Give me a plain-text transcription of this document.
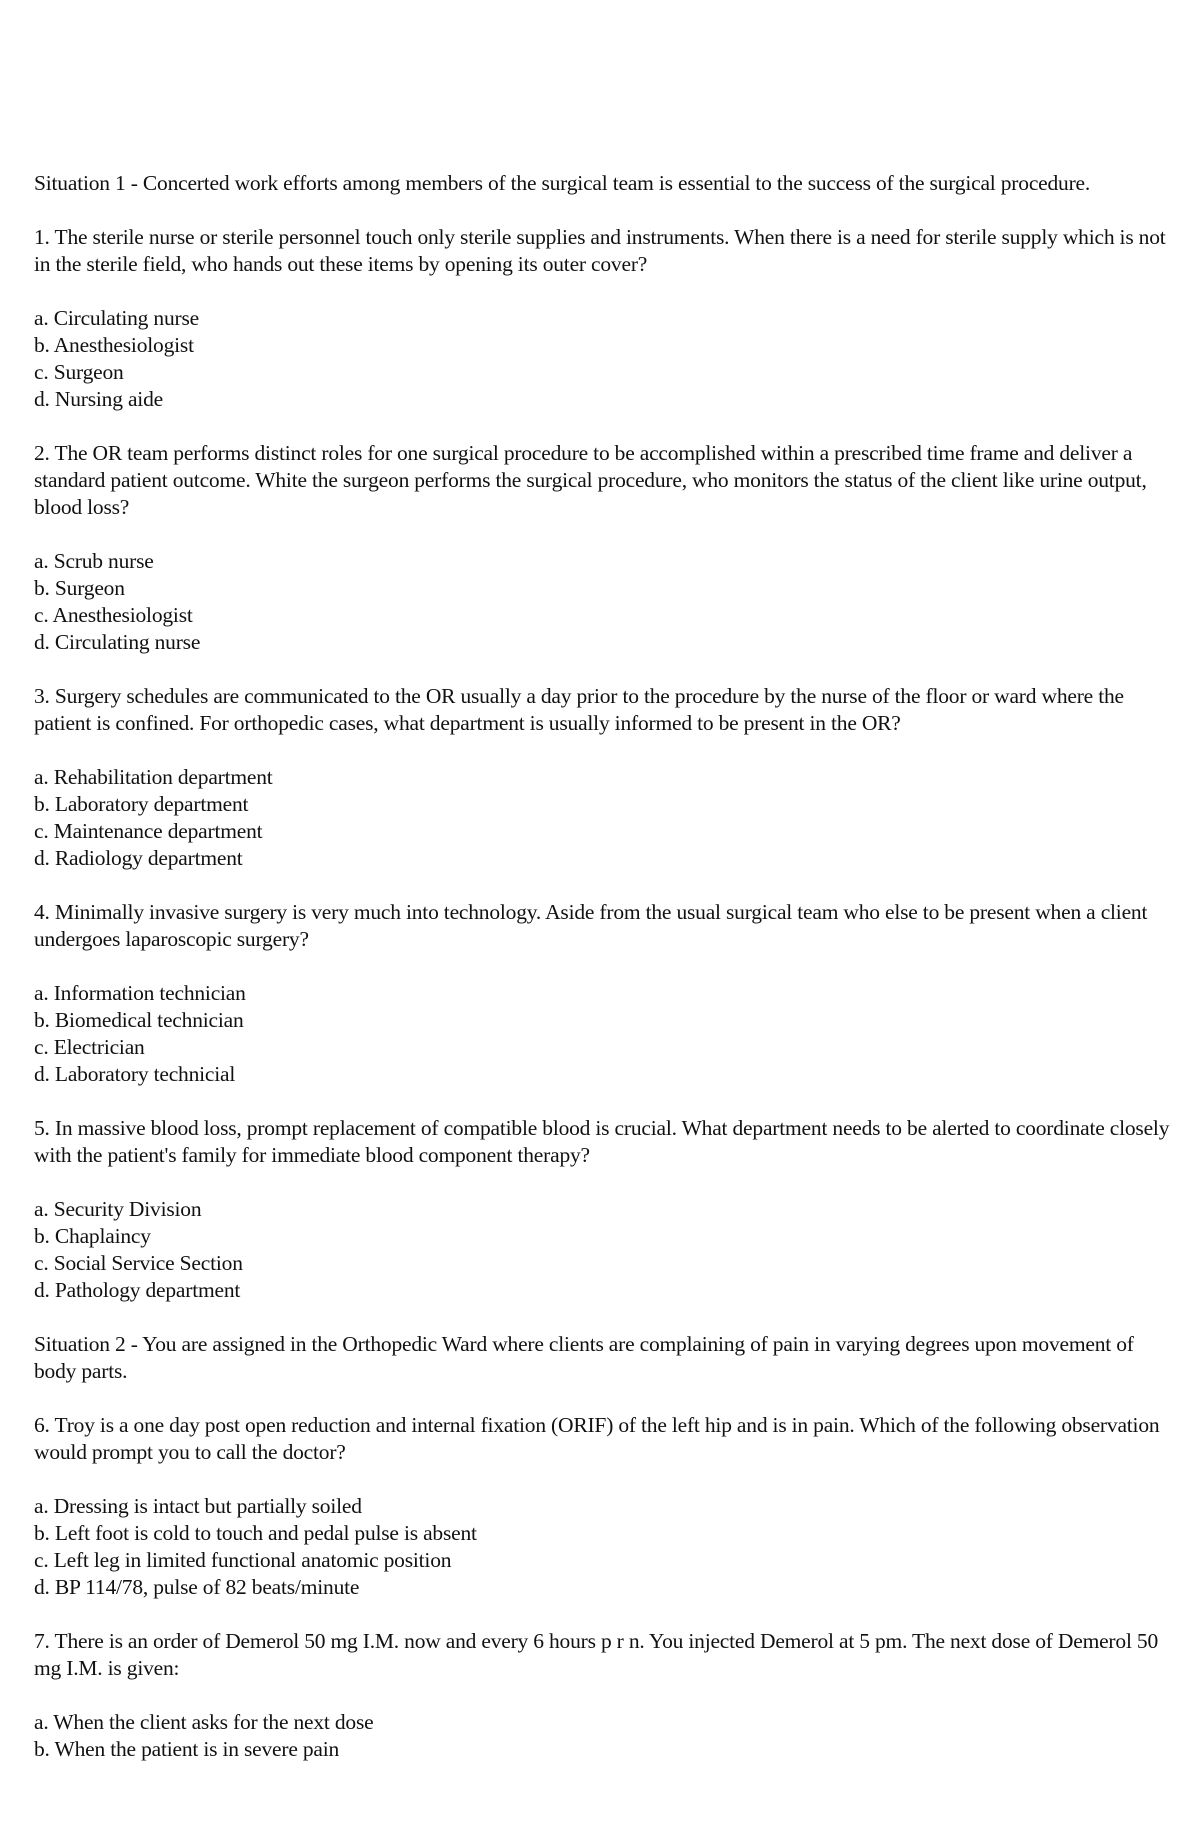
Situation 1 - Concerted work efforts among members of the surgical team is essential to the success of the surgical procedure.

1. The sterile nurse or sterile personnel touch only sterile supplies and instruments. When there is a need for sterile supply which is not in the sterile field, who hands out these items by opening its outer cover?

a. Circulating nurse
b. Anesthesiologist
c. Surgeon
d. Nursing aide

2. The OR team performs distinct roles for one surgical procedure to be accomplished within a prescribed time frame and deliver a standard patient outcome. White the surgeon performs the surgical procedure, who monitors the status of the client like urine output, blood loss?

a. Scrub nurse
b. Surgeon
c. Anesthesiologist
d. Circulating nurse

3. Surgery schedules are communicated to the OR usually a day prior to the procedure by the nurse of the floor or ward where the patient is confined. For orthopedic cases, what department is usually informed to be present in the OR?

a. Rehabilitation department
b. Laboratory department
c. Maintenance department
d. Radiology department

4. Minimally invasive surgery is very much into technology. Aside from the usual surgical team who else to be present when a client undergoes laparoscopic surgery?

a. Information technician
b. Biomedical technician
c. Electrician
d. Laboratory technicial

5. In massive blood loss, prompt replacement of compatible blood is crucial. What department needs to be alerted to coordinate closely with the patient's family for immediate blood component therapy?

a. Security Division
b. Chaplaincy
c. Social Service Section
d. Pathology department

Situation 2 - You are assigned in the Orthopedic Ward where clients are complaining of pain in varying degrees upon movement of body parts.

6. Troy is a one day post open reduction and internal fixation (ORIF) of the left hip and is in pain. Which of the following observation would prompt you to call the doctor?

a. Dressing is intact but partially soiled
b. Left foot is cold to touch and pedal pulse is absent
c. Left leg in limited functional anatomic position
d. BP 114/78, pulse of 82 beats/minute

7. There is an order of Demerol 50 mg I.M. now and every 6 hours p r n. You injected Demerol at 5 pm. The next dose of Demerol 50 mg I.M. is given:

a. When the client asks for the next dose
b. When the patient is in severe pain
